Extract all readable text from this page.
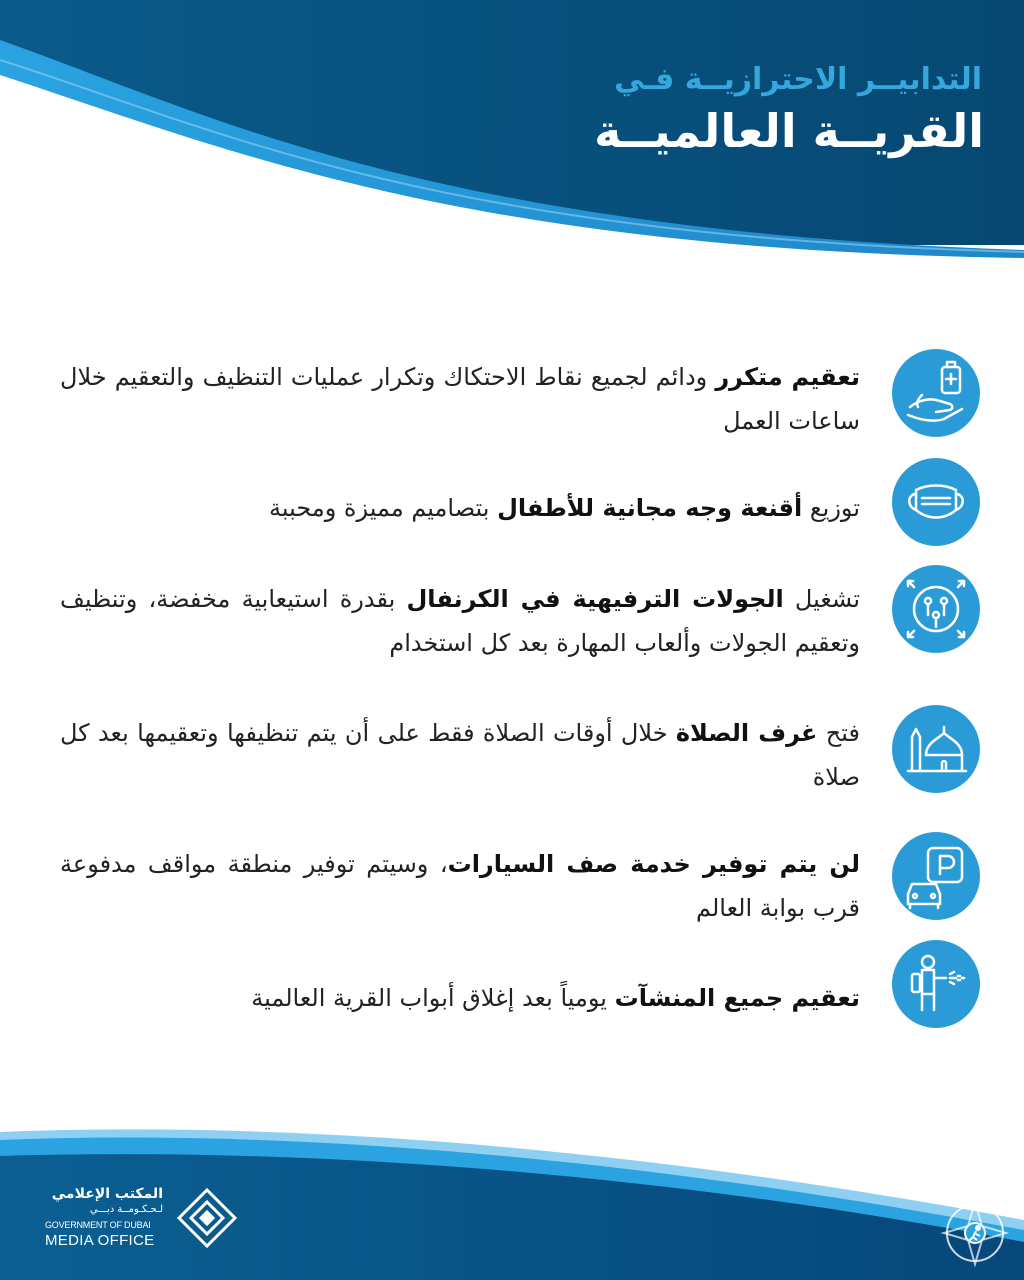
التدابيــر الاحترازيــة فـي
القريــة العالميــة
تعقيم متكرر ودائم لجميع نقاط الاحتكاك وتكرار عمليات التنظيف والتعقيم خلال ساعات العمل
توزيع أقنعة وجه مجانية للأطفال بتصاميم مميزة ومحببة
تشغيل الجولات الترفيهية في الكرنفال بقدرة استيعابية مخفضة، وتنظيف وتعقيم الجولات وألعاب المهارة بعد كل استخدام
فتح غرف الصلاة خلال أوقات الصلاة فقط على أن يتم تنظيفها وتعقيمها بعد كل صلاة
لن يتم توفير خدمة صف السيارات، وسيتم توفير منطقة مواقف مدفوعة قرب بوابة العالم
تعقيم جميع المنشآت يومياً بعد إغلاق أبواب القرية العالمية
المكتب الإعلامي
لـحـكـومــة دبـــي
GOVERNMENT OF DUBAI
MEDIA OFFICE
